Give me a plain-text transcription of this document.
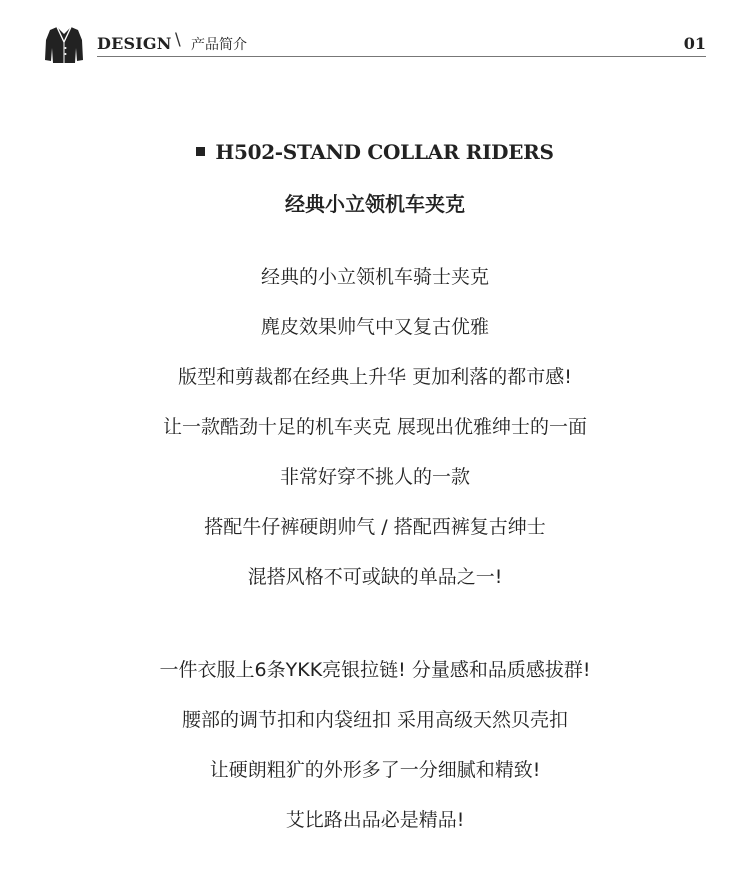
DESIGN \ 产品简介	01
H502-STAND COLLAR RIDERS
经典小立领机车夹克
经典的小立领机车骑士夹克
麂皮效果帅气中又复古优雅
版型和剪裁都在经典上升华 更加利落的都市感!
让一款酷劲十足的机车夹克 展现出优雅绅士的一面
非常好穿不挑人的一款
搭配牛仔裤硬朗帅气 / 搭配西裤复古绅士
混搭风格不可或缺的单品之一!
一件衣服上6条YKK亮银拉链! 分量感和品质感拔群!
腰部的调节扣和内袋纽扣 采用高级天然贝壳扣
让硬朗粗犷的外形多了一分细腻和精致!
艾比路出品必是精品!
